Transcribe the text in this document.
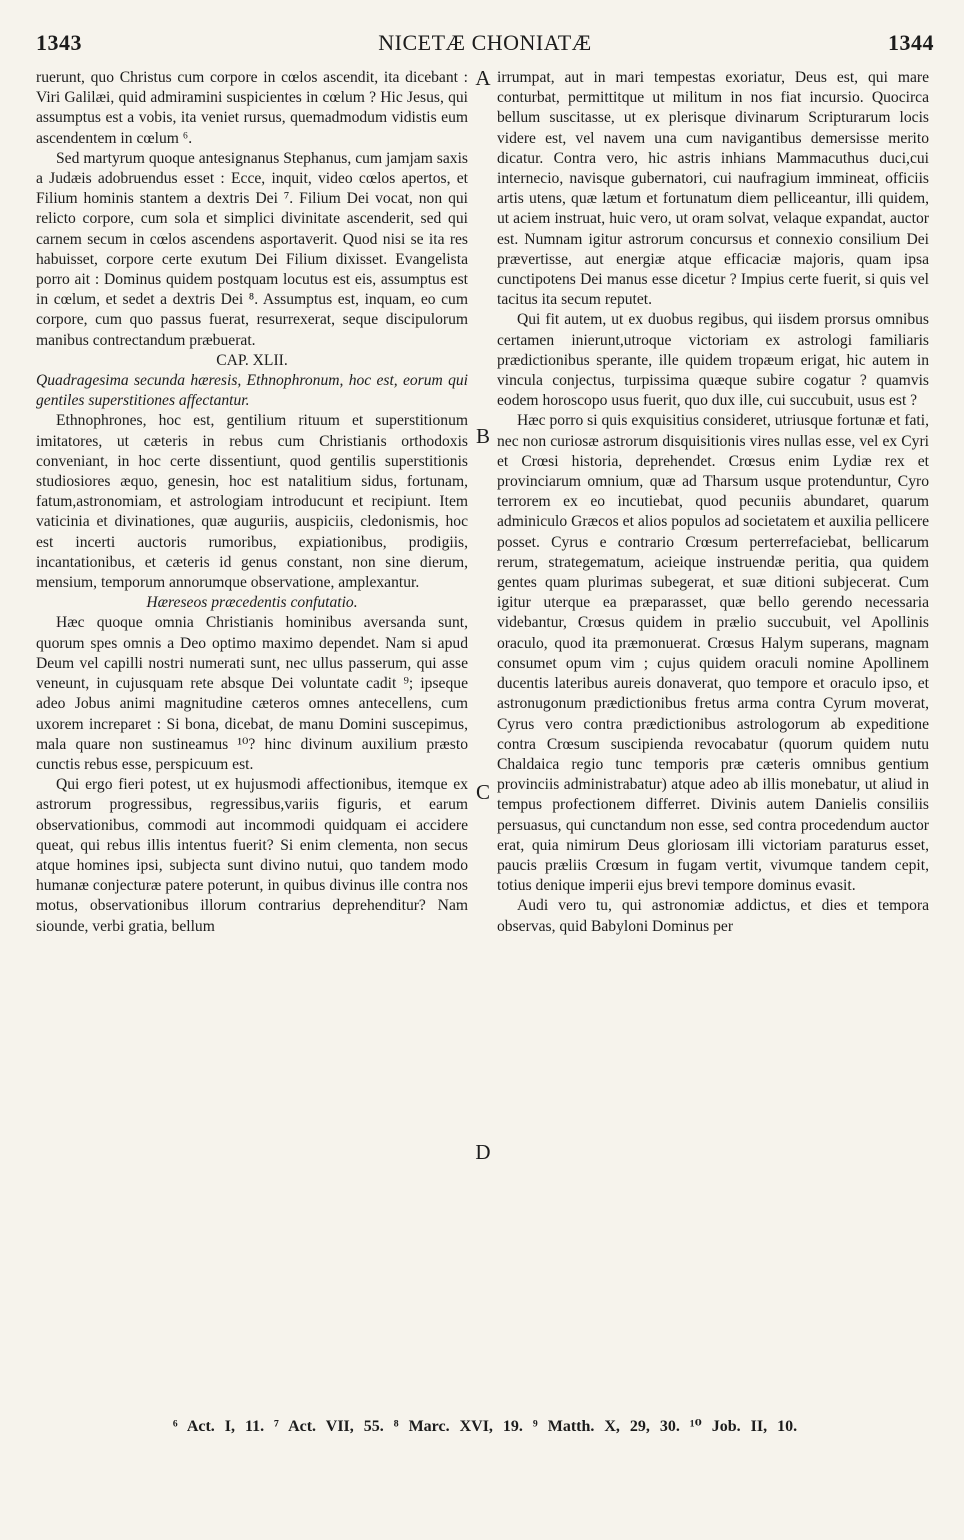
1343	NICETÆ CHONIATÆ	1344

ruerunt, quo Christus cum corpore in cœlos ascendit, ita dicebant : Viri Galilæi, quid admiramini suspicientes in cœlum ? Hic Jesus, qui assumptus est a vobis, ita veniet rursus, quemadmodum vidistis eum ascendentem in cœlum ⁶.

Sed martyrum quoque antesignanus Stephanus, cum jamjam saxis a Judæis adobruendus esset : Ecce, inquit, video cœlos apertos, et Filium hominis stantem a dextris Dei ⁷. Filium Dei vocat, non qui relicto corpore, cum sola et simplici divinitate ascenderit, sed qui carnem secum in cœlos ascendens asportaverit. Quod nisi se ita res habuisset, corpore certe exutum Dei Filium dixisset. Evangelista porro ait : Dominus quidem postquam locutus est eis, assumptus est in cœlum, et sedet a dextris Dei ⁸. Assumptus est, inquam, eo cum corpore, cum quo passus fuerat, resurrexerat, seque discipulorum manibus contrectandum præbuerat.

CAP. XLII.

Quadragesima secunda hæresis, Ethnophronum, hoc est, eorum qui gentiles superstitiones affectantur.

Ethnophrones, hoc est, gentilium rituum et superstitionum imitatores, ut cæteris in rebus cum Christianis orthodoxis conveniant, in hoc certe dissentiunt, quod gentilis superstitionis studiosiores æquo, genesin, hoc est natalitium sidus, fortunam, fatum,astronomiam, et astrologiam introducunt et recipiunt. Item vaticinia et divinationes, quæ auguriis, auspiciis, cledonismis, hoc est incerti auctoris rumoribus, expiationibus, prodigiis, incantationibus, et cæteris id genus constant, non sine dierum, mensium, temporum annorumque observatione, amplexantur.

Hæreseos præcedentis confutatio.

Hæc quoque omnia Christianis hominibus aversanda sunt, quorum spes omnis a Deo optimo maximo dependet. Nam si apud Deum vel capilli nostri numerati sunt, nec ullus passerum, qui asse veneunt, in cujusquam rete absque Dei voluntate cadit ⁹; ipseque adeo Jobus animi magnitudine cæteros omnes antecellens, cum uxorem increparet : Si bona, dicebat, de manu Domini suscepimus, mala quare non sustineamus ¹⁰? hinc divinum auxilium præsto cunctis rebus esse, perspicuum est.

Qui ergo fieri potest, ut ex hujusmodi affectionibus, itemque ex astrorum progressibus, regressibus,variis figuris, et earum observationibus, commodi aut incommodi quidquam ei accidere queat, qui rebus illis intentus fuerit? Si enim clementa, non secus atque homines ipsi, subjecta sunt divino nutui, quo tandem modo humanæ conjecturæ patere poterunt, in quibus divinus ille contra nos motus, observationibus illorum contrarius deprehenditur? Nam siounde, verbi gratia, bellum

A
B
C
D

irrumpat, aut in mari tempestas exoriatur, Deus est, qui mare conturbat, permittitque ut militum in nos fiat incursio. Quocirca bellum suscitasse, ut ex plerisque divinarum Scripturarum locis videre est, vel navem una cum navigantibus demersisse merito dicatur. Contra vero, hic astris inhians Mammacuthus duci,cui internecio, navisque gubernatori, cui naufragium immineat, officiis artis utens, quæ lætum et fortunatum diem pelliceantur, illi quidem, ut aciem instruat, huic vero, ut oram solvat, velaque expandat, auctor est. Numnam igitur astrorum concursus et connexio consilium Dei prævertisse, aut energiæ atque efficaciæ majoris, quam ipsa cunctipotens Dei manus esse dicetur ? Impius certe fuerit, si quis vel tacitus ita secum reputet.

Qui fit autem, ut ex duobus regibus, qui iisdem prorsus omnibus certamen inierunt,utroque victoriam ex astrologi familiaris prædictionibus sperante, ille quidem tropæum erigat, hic autem in vincula conjectus, turpissima quæque subire cogatur ? quamvis eodem horoscopo usus fuerit, quo dux ille, cui succubuit, usus est ?

Hæc porro si quis exquisitius consideret, utriusque fortunæ et fati, nec non curiosæ astrorum disquisitionis vires nullas esse, vel ex Cyri et Crœsi historia, deprehendet. Crœsus enim Lydiæ rex et provinciarum omnium, quæ ad Tharsum usque protenduntur, Cyro terrorem ex eo incutiebat, quod pecuniis abundaret, quarum adminiculo Græcos et alios populos ad societatem et auxilia pellicere posset. Cyrus e contrario Crœsum perterrefaciebat, bellicarum rerum, strategematum, acieique instruendæ peritia, qua quidem gentes quam plurimas subegerat, et suæ ditioni subjecerat. Cum igitur uterque ea præparasset, quæ bello gerendo necessaria videbantur, Crœsus quidem in prælio succubuit, vel Apollinis oraculo, quod ita præmonuerat. Crœsus Halym superans, magnam consumet opum vim ; cujus quidem oraculi nomine Apollinem ducentis lateribus aureis donaverat, quo tempore et oraculo ipso, et astronugonum prædictionibus fretus arma contra Cyrum moverat, Cyrus vero contra prædictionibus astrologorum ab expeditione contra Crœsum suscipienda revocabatur (quorum quidem nutu Chaldaica regio tunc temporis præ cæteris omnibus gentium provinciis administrabatur) atque adeo ab illis monebatur, ut aliud in tempus profectionem differret. Divinis autem Danielis consiliis persuasus, qui cunctandum non esse, sed contra procedendum auctor erat, quia nimirum Deus gloriosam illi victoriam paraturus esset, paucis præliis Crœsum in fugam vertit, vivumque tandem cepit, totius denique imperii ejus brevi tempore dominus evasit.

Audi vero tu, qui astronomiæ addictus, et dies et tempora observas, quid Babyloni Dominus per

⁶ Act. I, 11. ⁷ Act. VII, 55. ⁸ Marc. XVI, 19. ⁹ Matth. X, 29, 30. ¹⁰ Job. II, 10.
